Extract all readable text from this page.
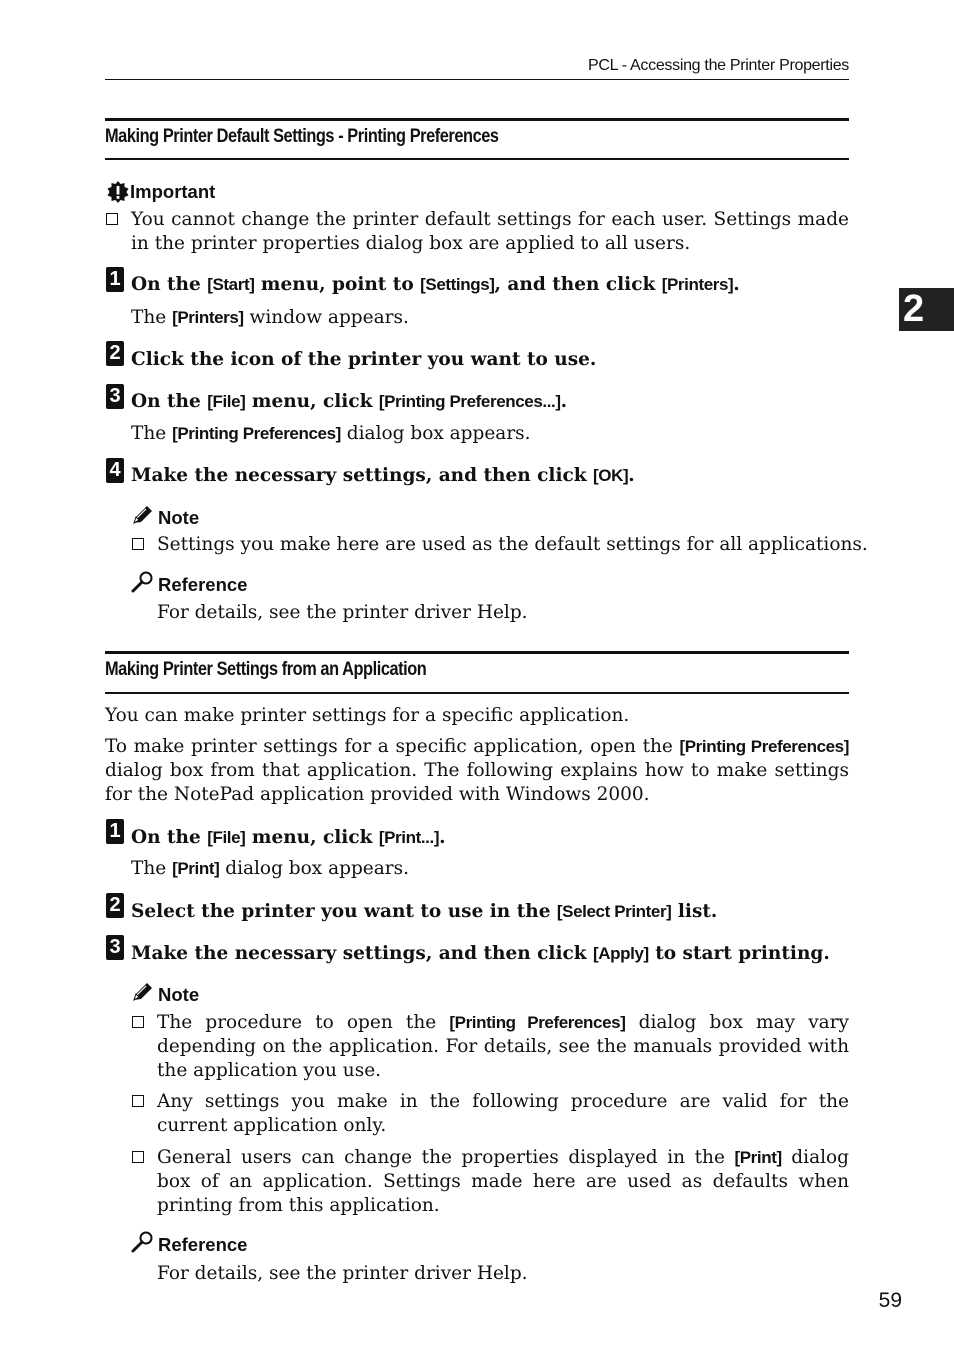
PCL - Accessing the Printer Properties
2
Making Printer Default Settings - Printing Preferences
Important
You cannot change the printer default settings for each user. Settings made in the printer properties dialog box are applied to all users.
1 On the [Start] menu, point to [Settings], and then click [Printers].
The [Printers] window appears.
2 Click the icon of the printer you want to use.
3 On the [File] menu, click [Printing Preferences...].
The [Printing Preferences] dialog box appears.
4 Make the necessary settings, and then click [OK].
Note
Settings you make here are used as the default settings for all applications.
Reference
For details, see the printer driver Help.
Making Printer Settings from an Application
You can make printer settings for a specific application.
To make printer settings for a specific application, open the [Printing Preferences] dialog box from that application. The following explains how to make settings for the NotePad application provided with Windows 2000.
1 On the [File] menu, click [Print...].
The [Print] dialog box appears.
2 Select the printer you want to use in the [Select Printer] list.
3 Make the necessary settings, and then click [Apply] to start printing.
Note
The procedure to open the [Printing Preferences] dialog box may vary depending on the application. For details, see the manuals provided with the application you use.
Any settings you make in the following procedure are valid for the current application only.
General users can change the properties displayed in the [Print] dialog box of an application. Settings made here are used as defaults when printing from this application.
Reference
For details, see the printer driver Help.
59
